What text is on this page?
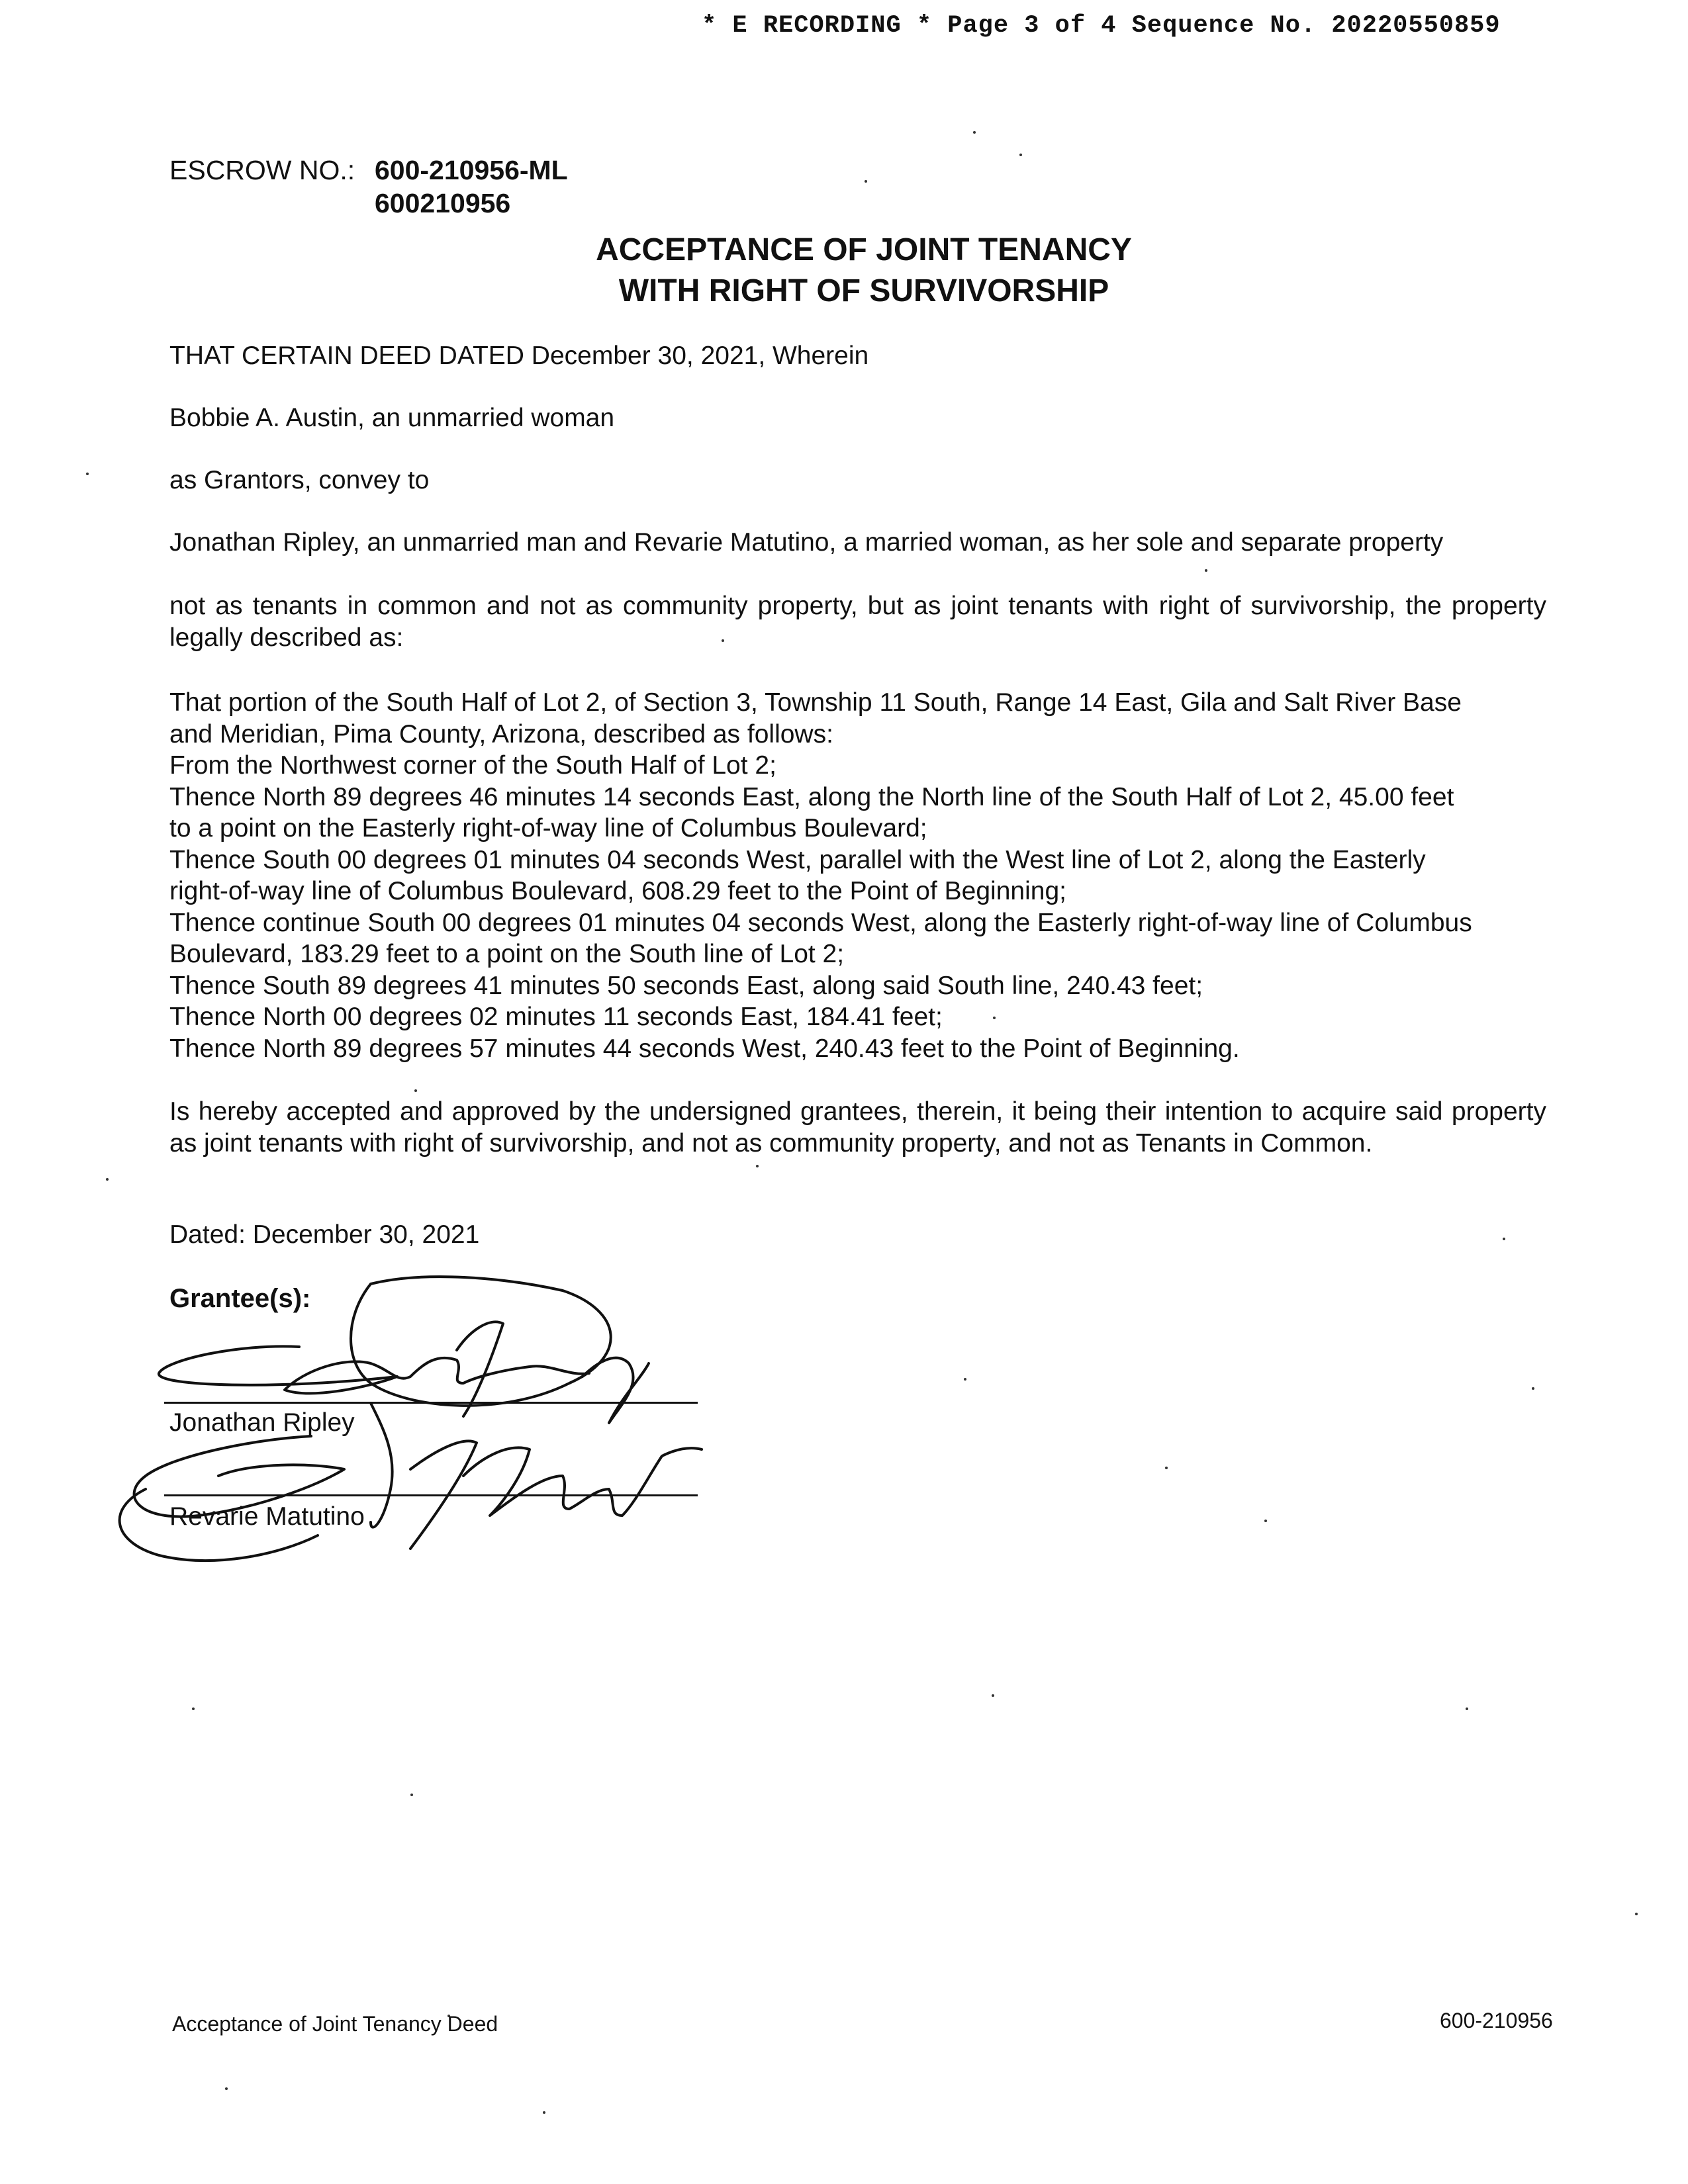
* E RECORDING * Page 3 of 4 Sequence No. 20220550859
ESCROW NO.: 600-210956-ML
600210956
ACCEPTANCE OF JOINT TENANCY
WITH RIGHT OF SURVIVORSHIP
THAT CERTAIN DEED DATED December 30, 2021, Wherein
Bobbie A. Austin, an unmarried woman
as Grantors, convey to
Jonathan Ripley, an unmarried man and Revarie Matutino, a married woman, as her sole and separate property
not as tenants in common and not as community property, but as joint tenants with right of survivorship, the property legally described as:
That portion of the South Half of Lot 2, of Section 3, Township 11 South, Range 14 East, Gila and Salt River Base
and Meridian, Pima County, Arizona, described as follows:
From the Northwest corner of the South Half of Lot 2;
Thence North 89 degrees 46 minutes 14 seconds East, along the North line of the South Half of Lot 2, 45.00 feet
to a point on the Easterly right-of-way line of Columbus Boulevard;
Thence South 00 degrees 01 minutes 04 seconds West, parallel with the West line of Lot 2, along the Easterly
right-of-way line of Columbus Boulevard, 608.29 feet to the Point of Beginning;
Thence continue South 00 degrees 01 minutes 04 seconds West, along the Easterly right-of-way line of Columbus
Boulevard, 183.29 feet to a point on the South line of Lot 2;
Thence South 89 degrees 41 minutes 50 seconds East, along said South line, 240.43 feet;
Thence North 00 degrees 02 minutes 11 seconds East, 184.41 feet;
Thence North 89 degrees 57 minutes 44 seconds West, 240.43 feet to the Point of Beginning.
Is hereby accepted and approved by the undersigned grantees, therein, it being their intention to acquire said property as joint tenants with right of survivorship, and not as community property, and not as Tenants in Common.
Dated: December 30, 2021
Grantee(s):
Jonathan Ripley
Revarie Matutino
Acceptance of Joint Tenancy Deed	600-210956
